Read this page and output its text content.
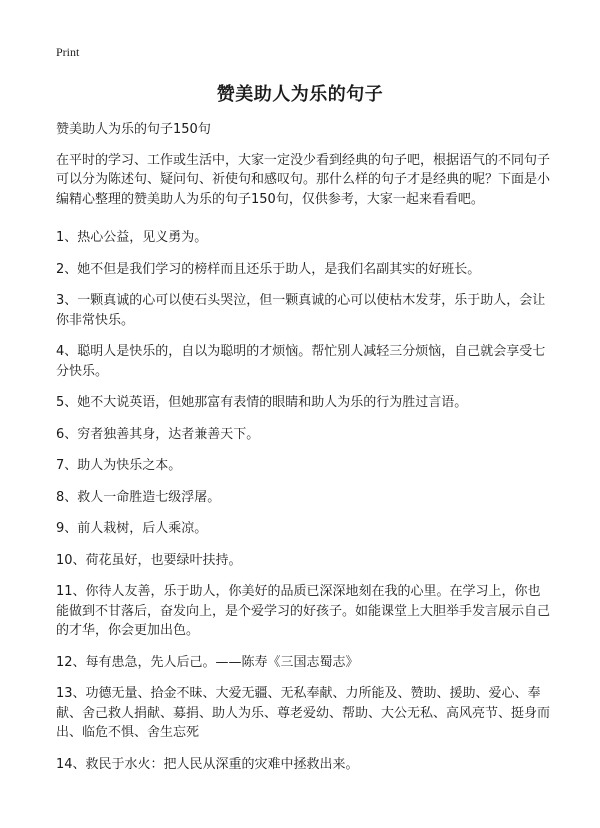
Print
赞美助人为乐的句子
赞美助人为乐的句子150句
在平时的学习、工作或生活中，大家一定没少看到经典的句子吧，根据语气的不同句子可以分为陈述句、疑问句、祈使句和感叹句。那什么样的句子才是经典的呢？下面是小编精心整理的赞美助人为乐的句子150句，仅供参考，大家一起来看看吧。
1、热心公益，见义勇为。
2、她不但是我们学习的榜样而且还乐于助人，是我们名副其实的好班长。
3、一颗真诚的心可以使石头哭泣，但一颗真诚的心可以使枯木发芽，乐于助人，会让你非常快乐。
4、聪明人是快乐的，自以为聪明的才烦恼。帮忙别人减轻三分烦恼，自己就会享受七分快乐。
5、她不大说英语，但她那富有表情的眼睛和助人为乐的行为胜过言语。
6、穷者独善其身，达者兼善天下。
7、助人为快乐之本。
8、救人一命胜造七级浮屠。
9、前人栽树，后人乘凉。
10、荷花虽好，也要绿叶扶持。
11、你待人友善，乐于助人，你美好的品质已深深地刻在我的心里。在学习上，你也能做到不甘落后，奋发向上，是个爱学习的好孩子。如能课堂上大胆举手发言展示自己的才华，你会更加出色。
12、每有患急，先人后己。——陈寿《三国志蜀志》
13、功德无量、拾金不昧、大爱无疆、无私奉献、力所能及、赞助、援助、爱心、奉献、舍己救人捐献、募捐、助人为乐、尊老爱幼、帮助、大公无私、高风亮节、挺身而出、临危不惧、舍生忘死
14、救民于水火：把人民从深重的灾难中拯救出来。
